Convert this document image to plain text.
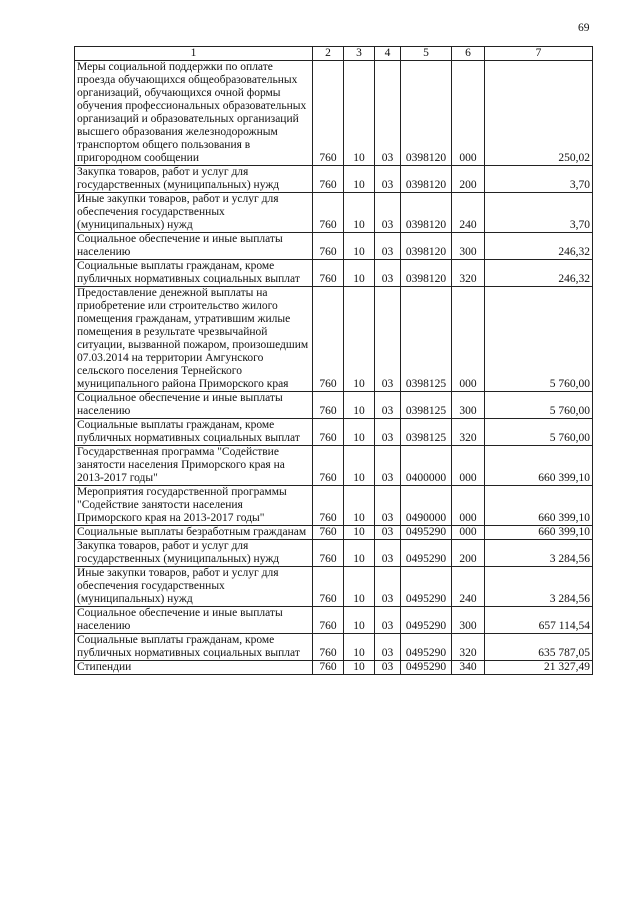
69
1	2	3	4	5	6	7
Меры социальной поддержки по оплате проезда обучающихся общеобразовательных организаций, обучающихся очной формы обучения профессиональных образовательных организаций и образовательных организаций высшего образования железнодорожным транспортом общего пользования в пригородном сообщении	760	10	03	0398120	000	250,02
Закупка товаров, работ и услуг для государственных (муниципальных) нужд	760	10	03	0398120	200	3,70
Иные закупки товаров, работ и услуг для обеспечения государственных (муниципальных) нужд	760	10	03	0398120	240	3,70
Социальное обеспечение и иные выплаты населению	760	10	03	0398120	300	246,32
Социальные выплаты гражданам, кроме публичных нормативных социальных выплат	760	10	03	0398120	320	246,32
Предоставление денежной выплаты на приобретение или строительство жилого помещения гражданам, утратившим жилые помещения в результате чрезвычайной ситуации, вызванной пожаром, произошедшим 07.03.2014 на территории Амгунского сельского поселения Тернейского муниципального района Приморского края	760	10	03	0398125	000	5 760,00
Социальное обеспечение и иные выплаты населению	760	10	03	0398125	300	5 760,00
Социальные выплаты гражданам, кроме публичных нормативных социальных выплат	760	10	03	0398125	320	5 760,00
Государственная программа "Содействие занятости населения Приморского края на 2013-2017 годы"	760	10	03	0400000	000	660 399,10
Мероприятия государственной программы "Содействие занятости населения Приморского края на 2013-2017 годы"	760	10	03	0490000	000	660 399,10
Социальные выплаты безработным гражданам	760	10	03	0495290	000	660 399,10
Закупка товаров, работ и услуг для государственных (муниципальных) нужд	760	10	03	0495290	200	3 284,56
Иные закупки товаров, работ и услуг для обеспечения государственных (муниципальных) нужд	760	10	03	0495290	240	3 284,56
Социальное обеспечение и иные выплаты населению	760	10	03	0495290	300	657 114,54
Социальные выплаты гражданам, кроме публичных нормативных социальных выплат	760	10	03	0495290	320	635 787,05
Стипендии	760	10	03	0495290	340	21 327,49
